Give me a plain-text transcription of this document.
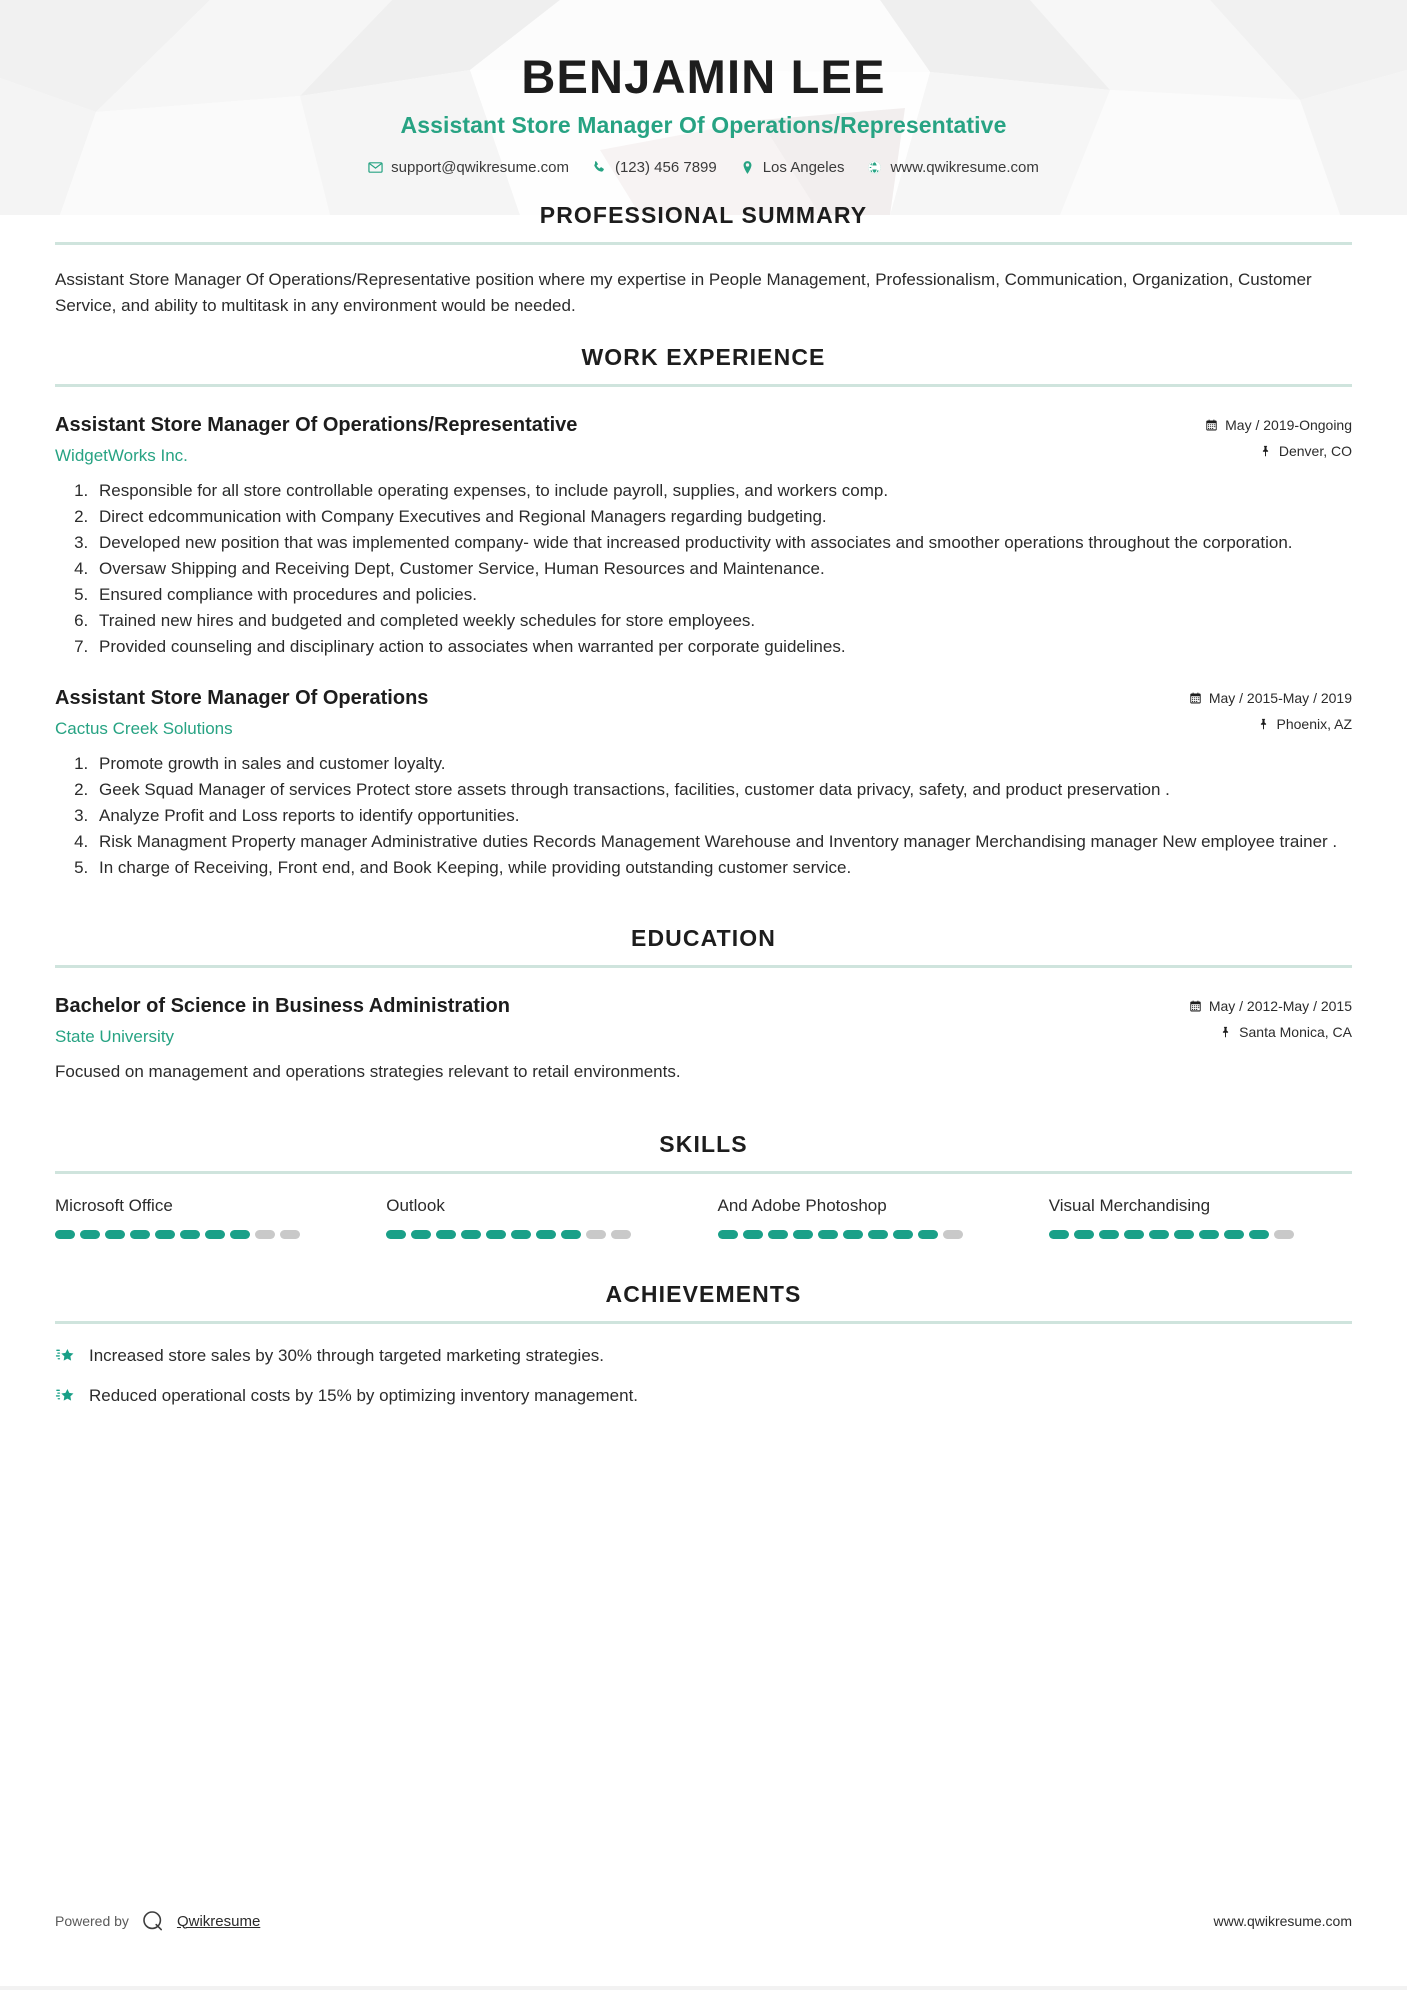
BENJAMIN LEE
Assistant Store Manager Of Operations/Representative
support@qwikresume.com	(123) 456 7899	Los Angeles	www.qwikresume.com
PROFESSIONAL SUMMARY

Assistant Store Manager Of Operations/Representative position where my expertise in People Management, Professionalism, Communication, Organization, Customer Service, and ability to multitask in any environment would be needed.

WORK EXPERIENCE
Assistant Store Manager Of Operations/Representative
WidgetWorks Inc.
May / 2019-Ongoing
Denver, CO
1. Responsible for all store controllable operating expenses, to include payroll, supplies, and workers comp.
2. Direct edcommunication with Company Executives and Regional Managers regarding budgeting.
3. Developed new position that was implemented company- wide that increased productivity with associates and smoother operations throughout the corporation.
4. Oversaw Shipping and Receiving Dept, Customer Service, Human Resources and Maintenance.
5. Ensured compliance with procedures and policies.
6. Trained new hires and budgeted and completed weekly schedules for store employees.
7. Provided counseling and disciplinary action to associates when warranted per corporate guidelines.
Assistant Store Manager Of Operations
Cactus Creek Solutions
May / 2015-May / 2019
Phoenix, AZ
1. Promote growth in sales and customer loyalty.
2. Geek Squad Manager of services Protect store assets through transactions, facilities, customer data privacy, safety, and product preservation .
3. Analyze Profit and Loss reports to identify opportunities.
4. Risk Managment Property manager Administrative duties Records Management Warehouse and Inventory manager Merchandising manager New employee trainer .
5. In charge of Receiving, Front end, and Book Keeping, while providing outstanding customer service.
EDUCATION
Bachelor of Science in Business Administration
State University
May / 2012-May / 2015
Santa Monica, CA

Focused on management and operations strategies relevant to retail environments.

SKILLS
Microsoft Office	Outlook	And Adobe Photoshop	Visual Merchandising
ACHIEVEMENTS
Increased store sales by 30% through targeted marketing strategies.
Reduced operational costs by 15% by optimizing inventory management.
Powered by	Qwikresume	www.qwikresume.com
